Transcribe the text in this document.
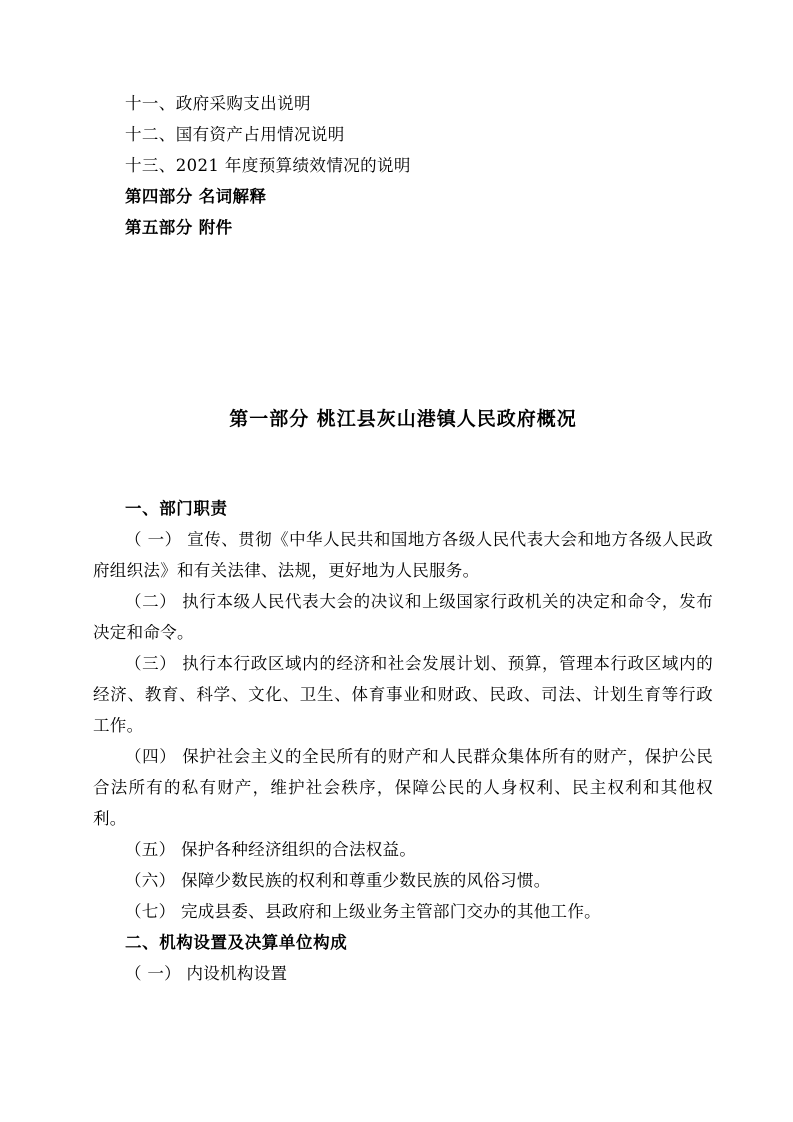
十一、政府采购支出说明
十二、国有资产占用情况说明
十三、2021 年度预算绩效情况的说明
第四部分 名词解释
第五部分 附件
第一部分 桃江县灰山港镇人民政府概况
一、部门职责
（ 一） 宣传、贯彻《中华人民共和国地方各级人民代表大会和地方各级人民政府组织法》和有关法律、法规，更好地为人民服务。
（二） 执行本级人民代表大会的决议和上级国家行政机关的决定和命令，发布决定和命令。
（三） 执行本行政区域内的经济和社会发展计划、预算，管理本行政区域内的经济、教育、科学、文化、卫生、体育事业和财政、民政、司法、计划生育等行政工作。
（四） 保护社会主义的全民所有的财产和人民群众集体所有的财产，保护公民合法所有的私有财产，维护社会秩序，保障公民的人身权利、民主权利和其他权利。
（五） 保护各种经济组织的合法权益。
（六） 保障少数民族的权利和尊重少数民族的风俗习惯。
（七） 完成县委、县政府和上级业务主管部门交办的其他工作。
二、机构设置及决算单位构成
（ 一） 内设机构设置
